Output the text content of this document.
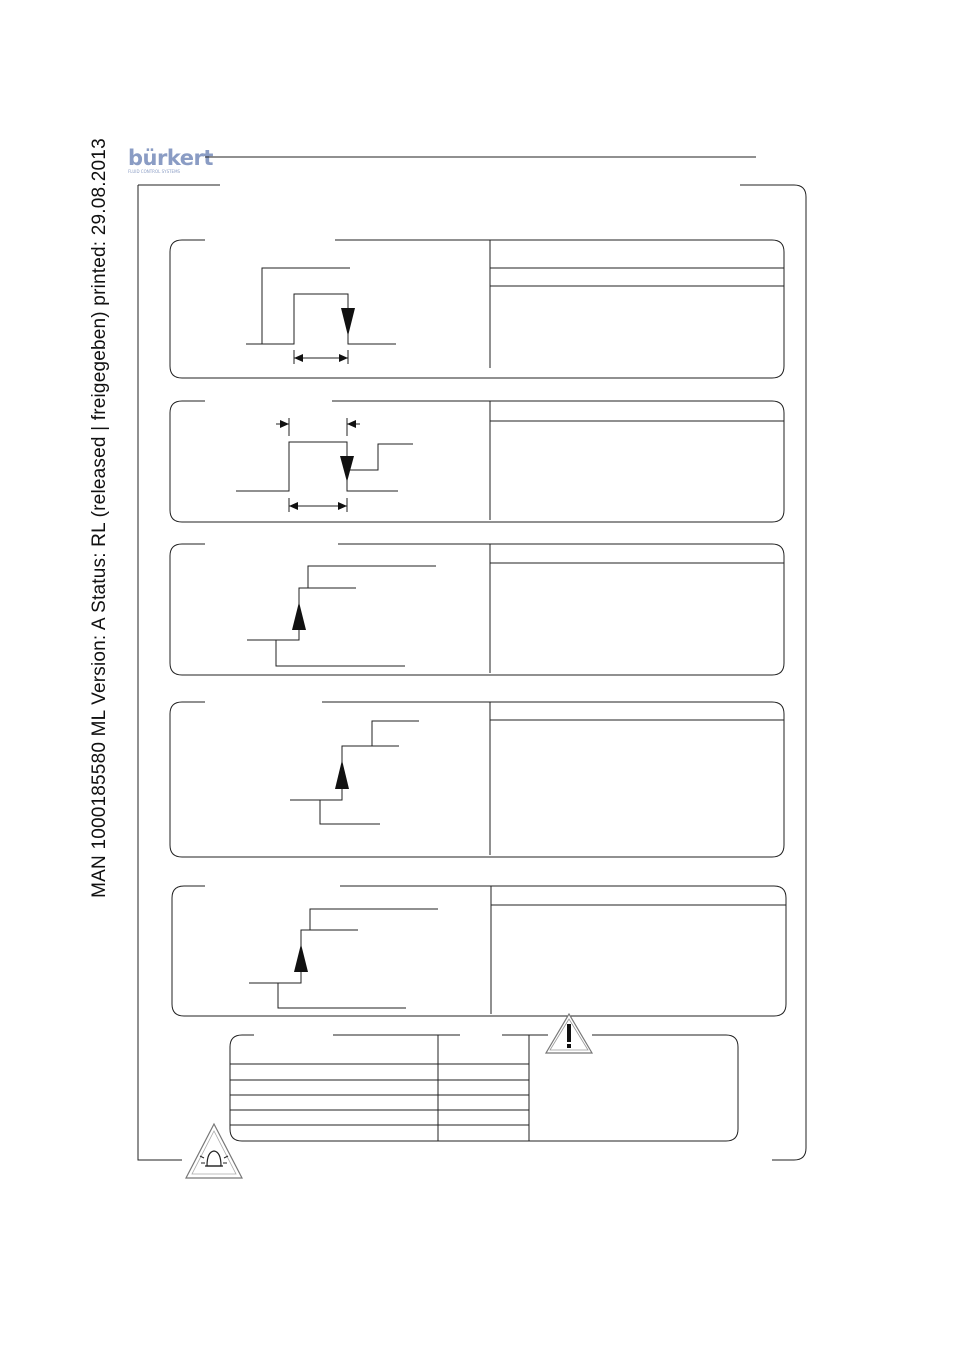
MAN 1000185580 ML Version: A Status: RL (released | freigegeben) printed: 29.08.2013 bürkert
FLUID CONTROL SYSTEMS
